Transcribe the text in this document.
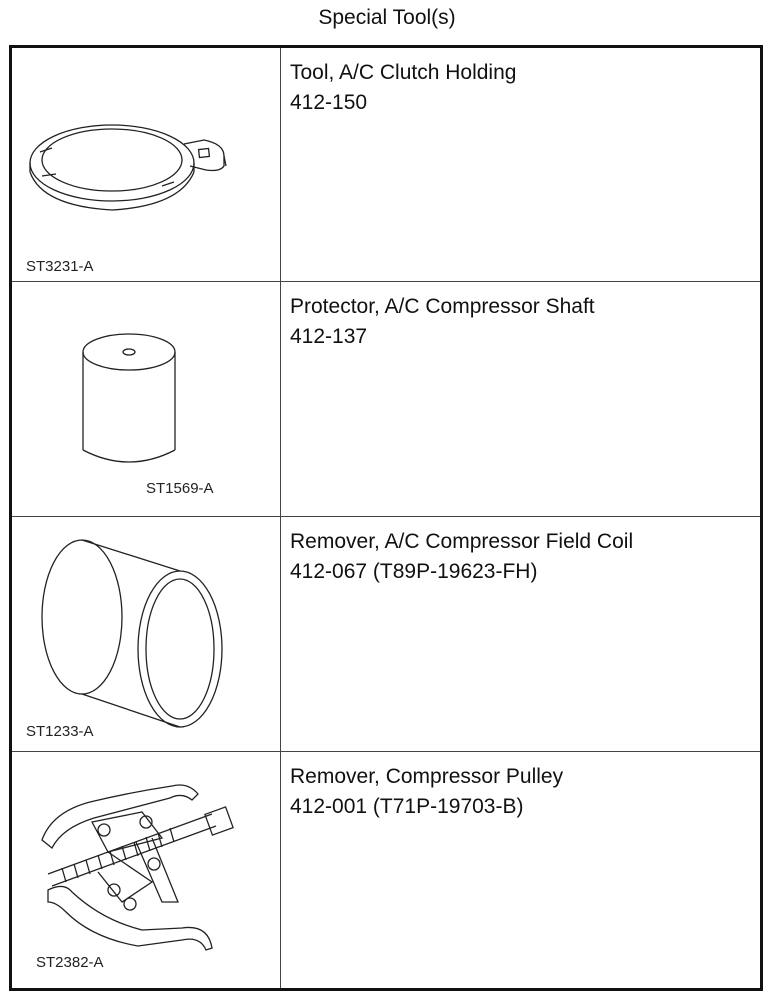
Special Tool(s)
ST3231-A	Tool, A/C Clutch Holding
412-150

ST1569-A	Protector, A/C Compressor Shaft
412-137

ST1233-A	Remover, A/C Compressor Field Coil
412-067 (T89P-19623-FH)

ST2382-A	Remover, Compressor Pulley
412-001 (T71P-19703-B)
